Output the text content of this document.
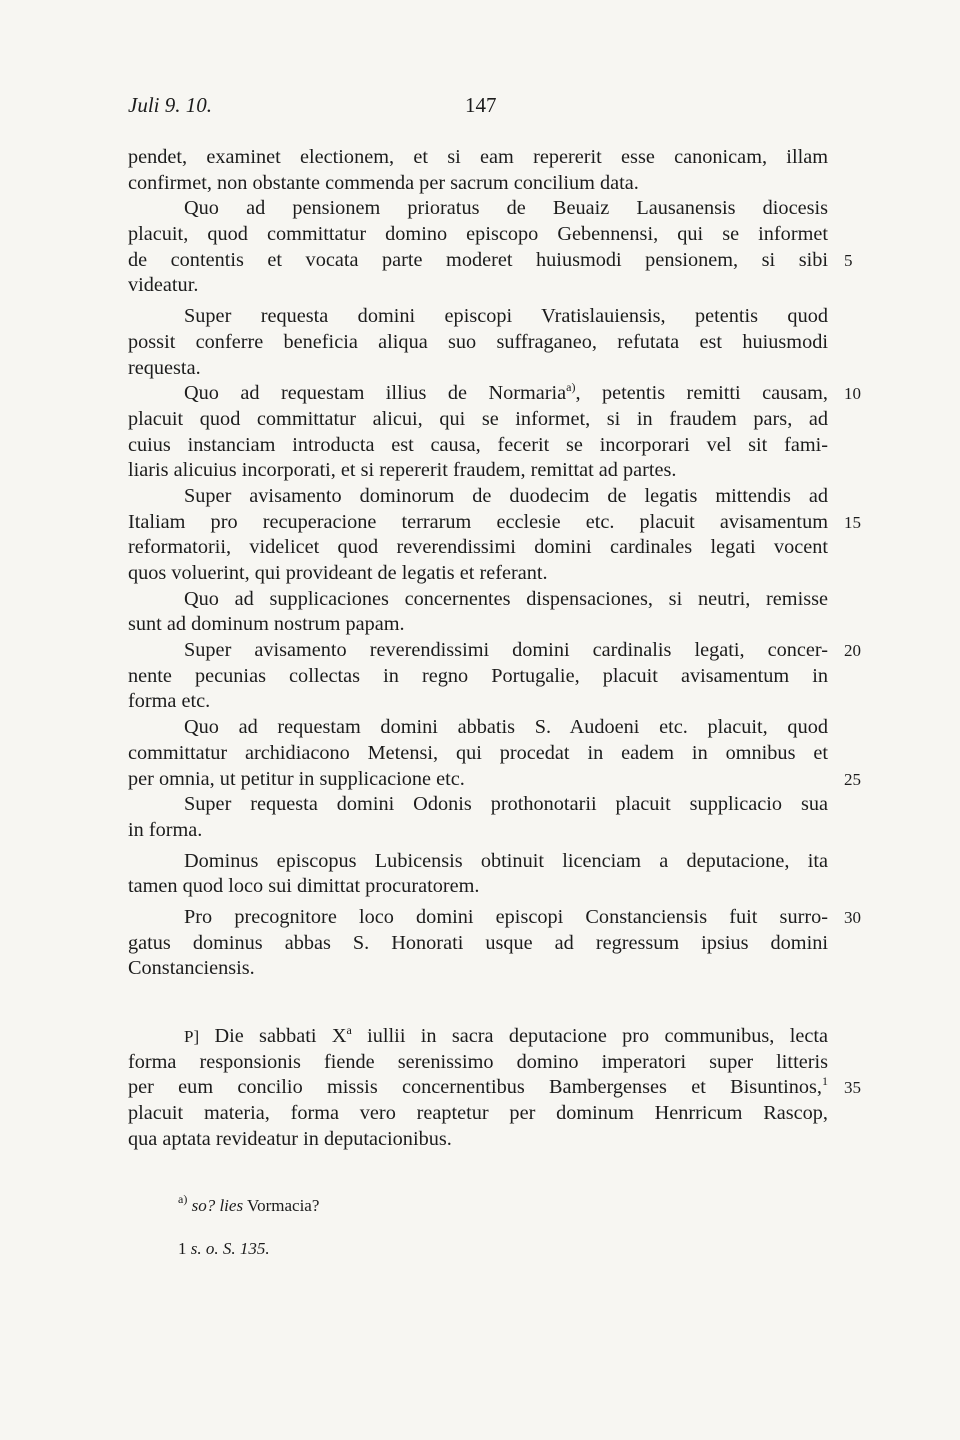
Juli 9. 10.	147
pendet, examinet electionem, et si eam repererit esse canonicam, illam
confirmet, non obstante commenda per sacrum concilium data.
Quo ad pensionem prioratus de Beuaiz Lausanensis diocesis
placuit, quod committatur domino episcopo Gebennensi, qui se informet
de contentis et vocata parte moderet huiusmodi pensionem, si sibi 5
videatur.
Super requesta domini episcopi Vratislauiensis, petentis quod
possit conferre beneficia aliqua suo suffraganeo, refutata est huiusmodi
requesta.
Quo ad requestam illius de Normaria$^{a)}$, petentis remitti causam, 10
placuit quod committatur alicui, qui se informet, si in fraudem pars, ad
cuius instanciam introducta est causa, fecerit se incorporari vel sit fami-
liaris alicuius incorporati, et si repererit fraudem, remittat ad partes.
Super avisamento dominorum de duodecim de legatis mittendis ad
Italiam pro recuperacione terrarum ecclesie etc. placuit avisamentum 15
reformatorii, videlicet quod reverendissimi domini cardinales legati vocent
quos voluerint, qui provideant de legatis et referant.
Quo ad supplicaciones concernentes dispensaciones, si neutri, remisse
sunt ad dominum nostrum papam.
Super avisamento reverendissimi domini cardinalis legati, concer- 20
nente pecunias collectas in regno Portugalie, placuit avisamentum in
forma etc.
Quo ad requestam domini abbatis S. Audoeni etc. placuit, quod
committatur archidiacono Metensi, qui procedat in eadem in omnibus et
per omnia, ut petitur in supplicacione etc.	25
Super requesta domini Odonis prothonotarii placuit supplicacio sua
in forma.
Dominus episcopus Lubicensis obtinuit licenciam a deputacione, ita
tamen quod loco sui dimittat procuratorem.
Pro precognitore loco domini episcopi Constanciensis fuit surro- 30
gatus dominus abbas S. Honorati usque ad regressum ipsius domini
Constanciensis.
P] Die sabbati $X^a$ iullii in sacra deputacione pro communibus, lecta
forma responsionis fiende serenissimo domino imperatori super litteris
per eum concilio missis concernentibus Bambergenses et Bisuntinos,$^1$ 35
placuit materia, forma vero reaptetur per dominum Henrricum Rascop,
qua aptata revideatur in deputacionibus.
$^{a)}$ so? lies Vormacia?
1 s. o. S. 135.
